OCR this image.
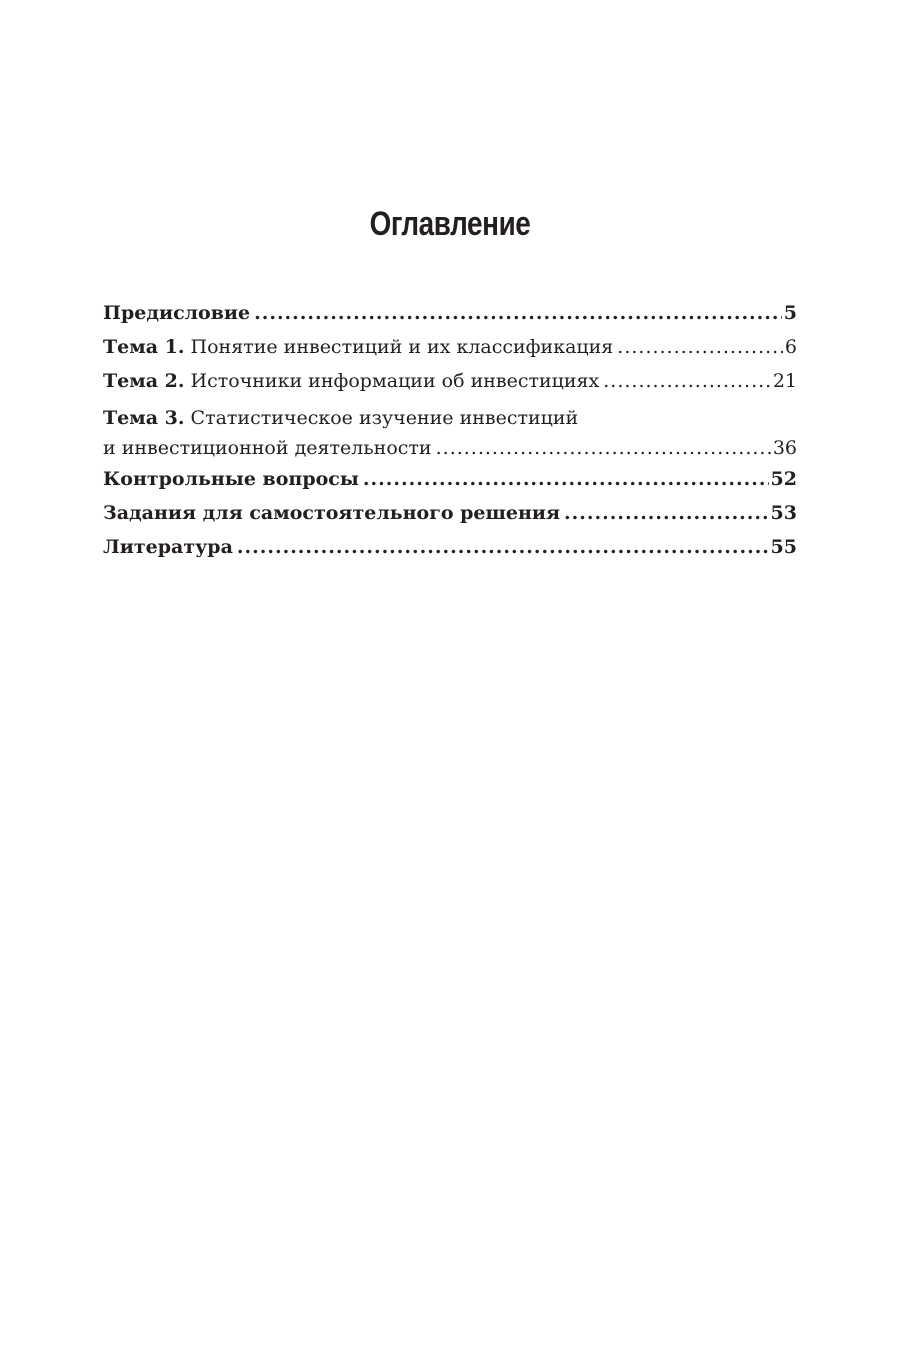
Оглавление
Предисловие .....	5
Тема 1. Понятие инвестиций и их классификация .....	6
Тема 2. Источники информации об инвестициях .....	21
Тема 3. Статистическое изучение инвестиций
и инвестиционной деятельности .....	36
Контрольные вопросы .....	52
Задания для самостоятельного решения .....	53
Литература .....	55
